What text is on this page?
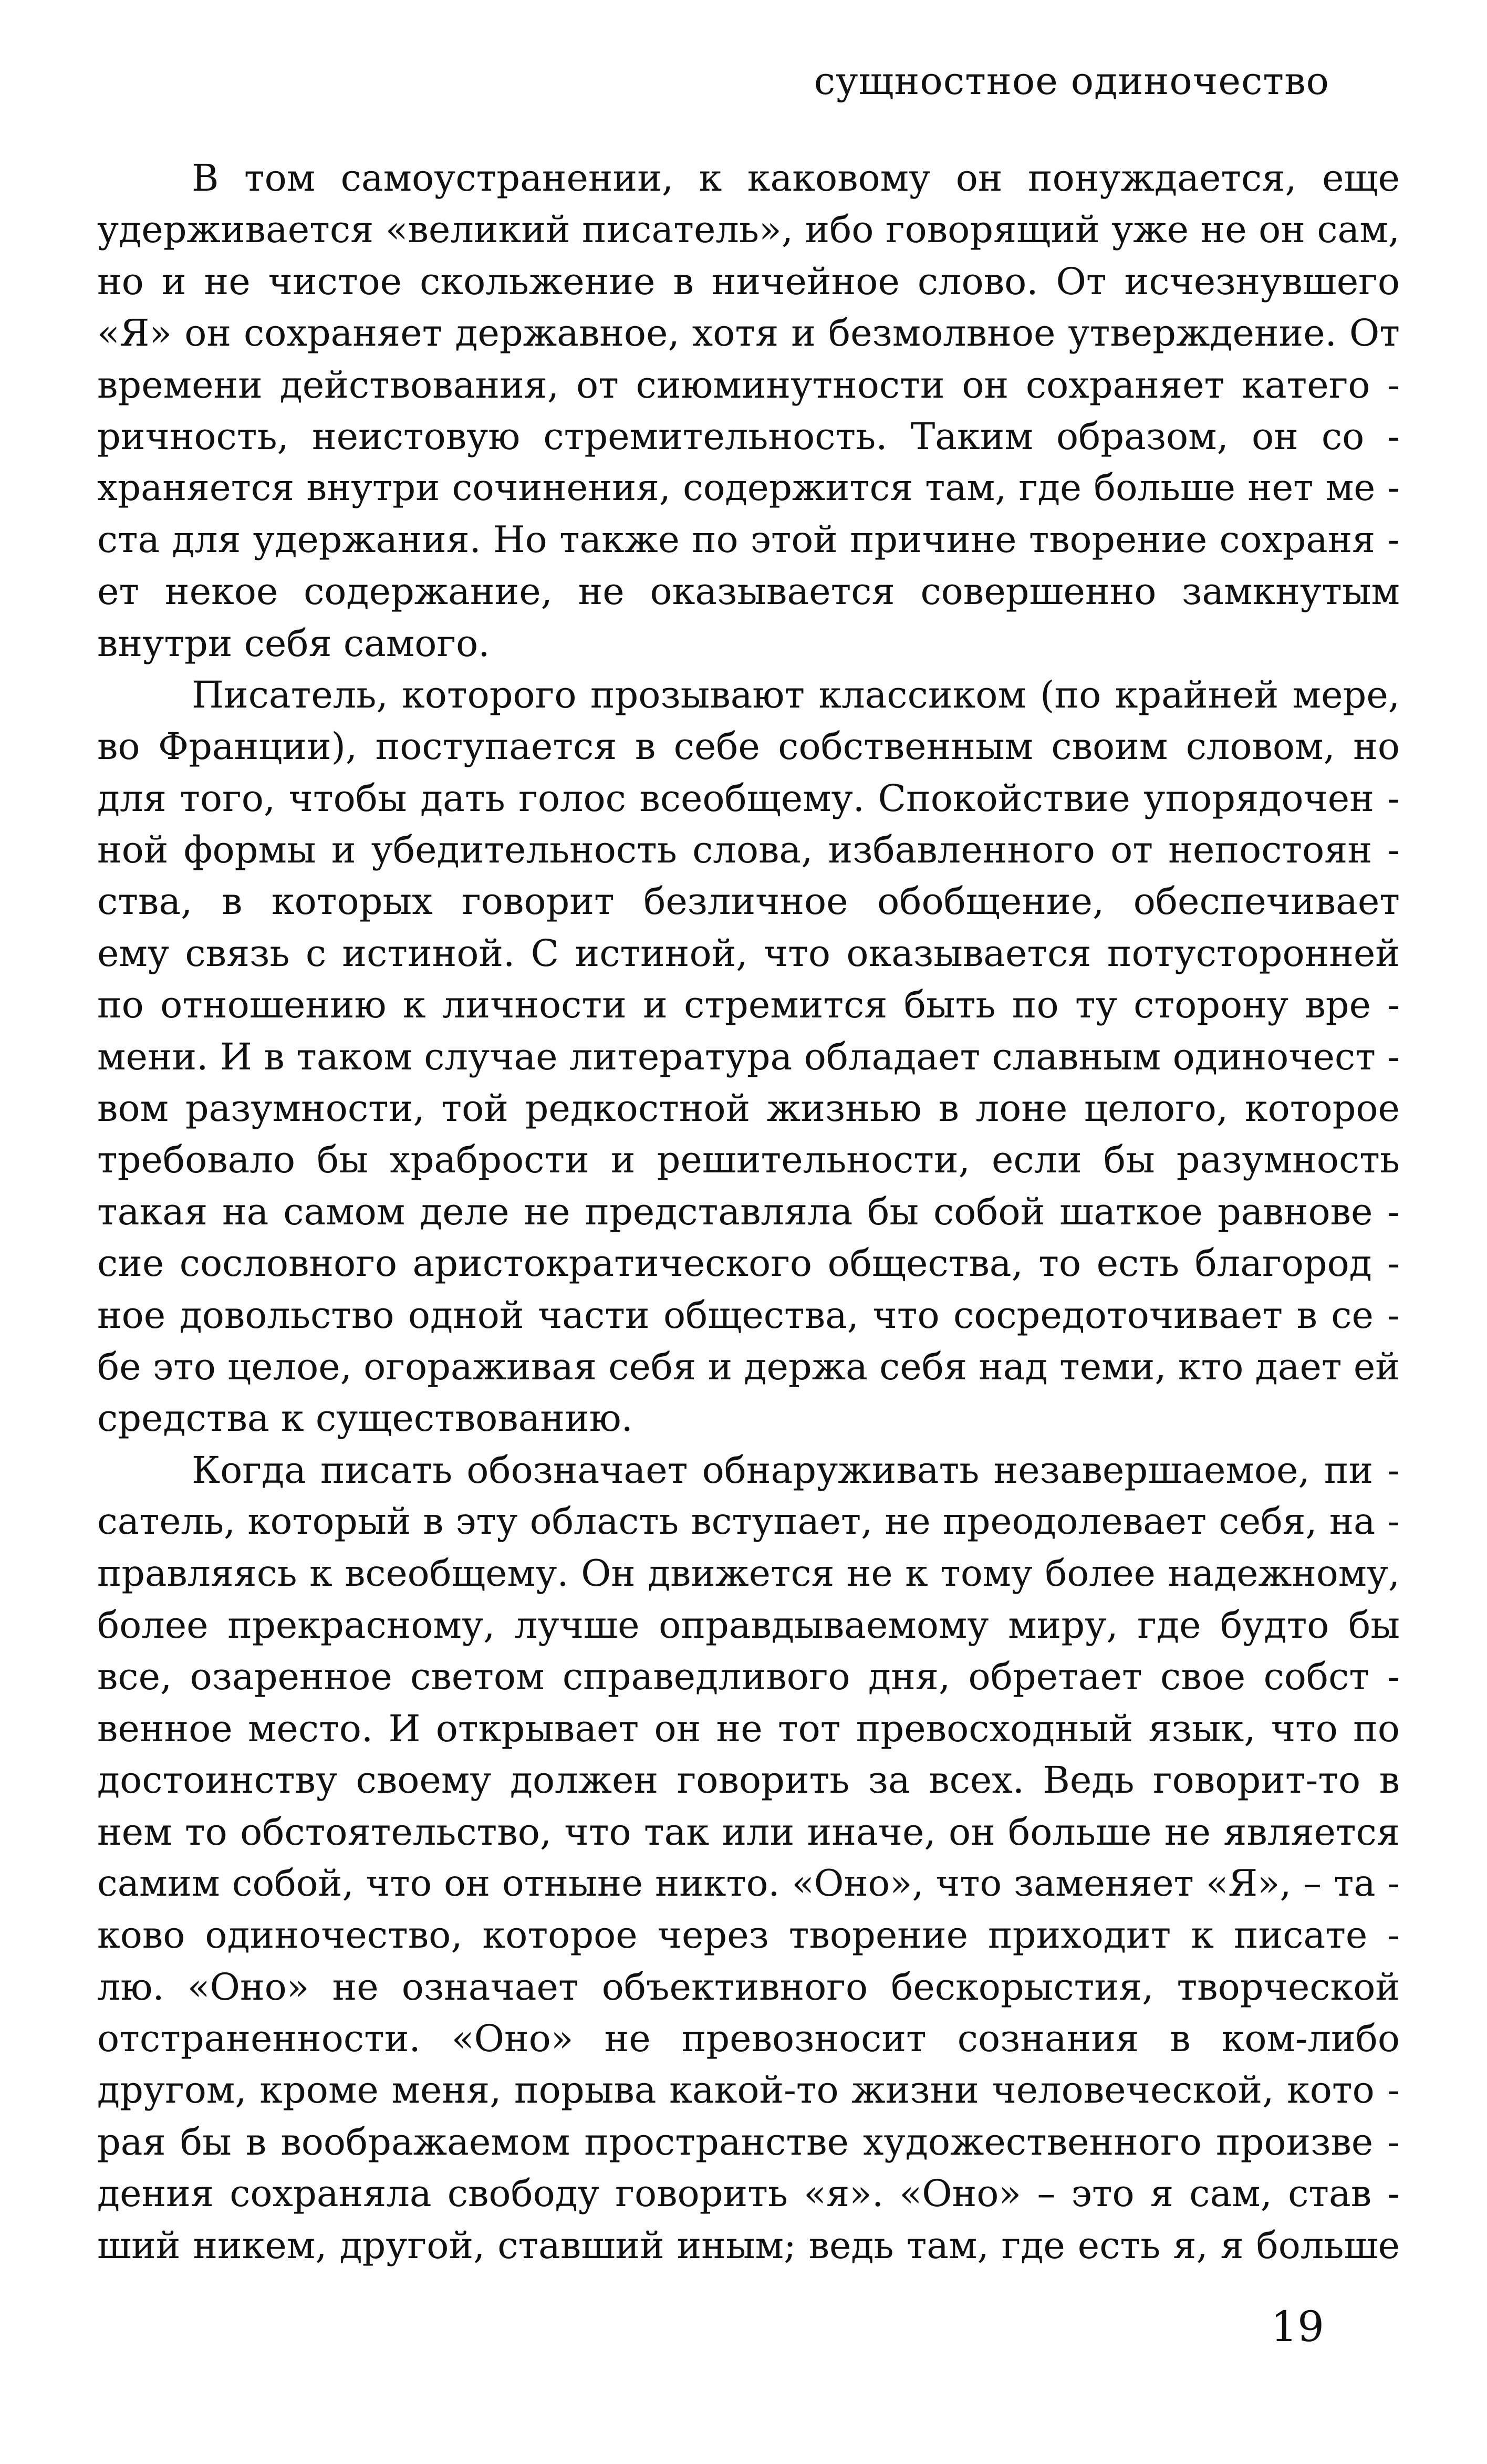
сущностное одиночество
В том самоустранении, к каковому он понуждается, еще
удерживается «великий писатель», ибо говорящий уже не он сам,
но и не чистое скольжение в ничейное слово. От исчезнувшего
«Я» он сохраняет державное, хотя и безмолвное утверждение. От
времени действования, от сиюминутности он сохраняет катего -
ричность, неистовую стремительность. Таким образом, он со -
храняется внутри сочинения, содержится там, где больше нет ме -
ста для удержания. Но также по этой причине творение сохраня -
ет некое содержание, не оказывается совершенно замкнутым
внутри себя самого.
Писатель, которого прозывают классиком (по крайней мере,
во Франции), поступается в себе собственным своим словом, но
для того, чтобы дать голос всеобщему. Спокойствие упорядочен -
ной формы и убедительность слова, избавленного от непостоян -
ства, в которых говорит безличное обобщение, обеспечивает
ему связь с истиной. С истиной, что оказывается потусторонней
по отношению к личности и стремится быть по ту сторону вре -
мени. И в таком случае литература обладает славным одиночест -
вом разумности, той редкостной жизнью в лоне целого, которое
требовало бы храбрости и решительности, если бы разумность
такая на самом деле не представляла бы собой шаткое равнове -
сие сословного аристократического общества, то есть благород -
ное довольство одной части общества, что сосредоточивает в се -
бе это целое, огораживая себя и держа себя над теми, кто дает ей
средства к существованию.
Когда писать обозначает обнаруживать незавершаемое, пи -
сатель, который в эту область вступает, не преодолевает себя, на -
правляясь к всеобщему. Он движется не к тому более надежному,
более прекрасному, лучше оправдываемому миру, где будто бы
все, озаренное светом справедливого дня, обретает свое собст -
венное место. И открывает он не тот превосходный язык, что по
достоинству своему должен говорить за всех. Ведь говорит-то в
нем то обстоятельство, что так или иначе, он больше не является
самим собой, что он отныне никто. «Оно», что заменяет «Я», – та -
ково одиночество, которое через творение приходит к писате -
лю. «Оно» не означает объективного бескорыстия, творческой
отстраненности. «Оно» не превозносит сознания в ком-либо
другом, кроме меня, порыва какой-то жизни человеческой, кото -
рая бы в воображаемом пространстве художественного произве -
дения сохраняла свободу говорить «я». «Оно» – это я сам, став -
ший никем, другой, ставший иным; ведь там, где есть я, я больше
19
